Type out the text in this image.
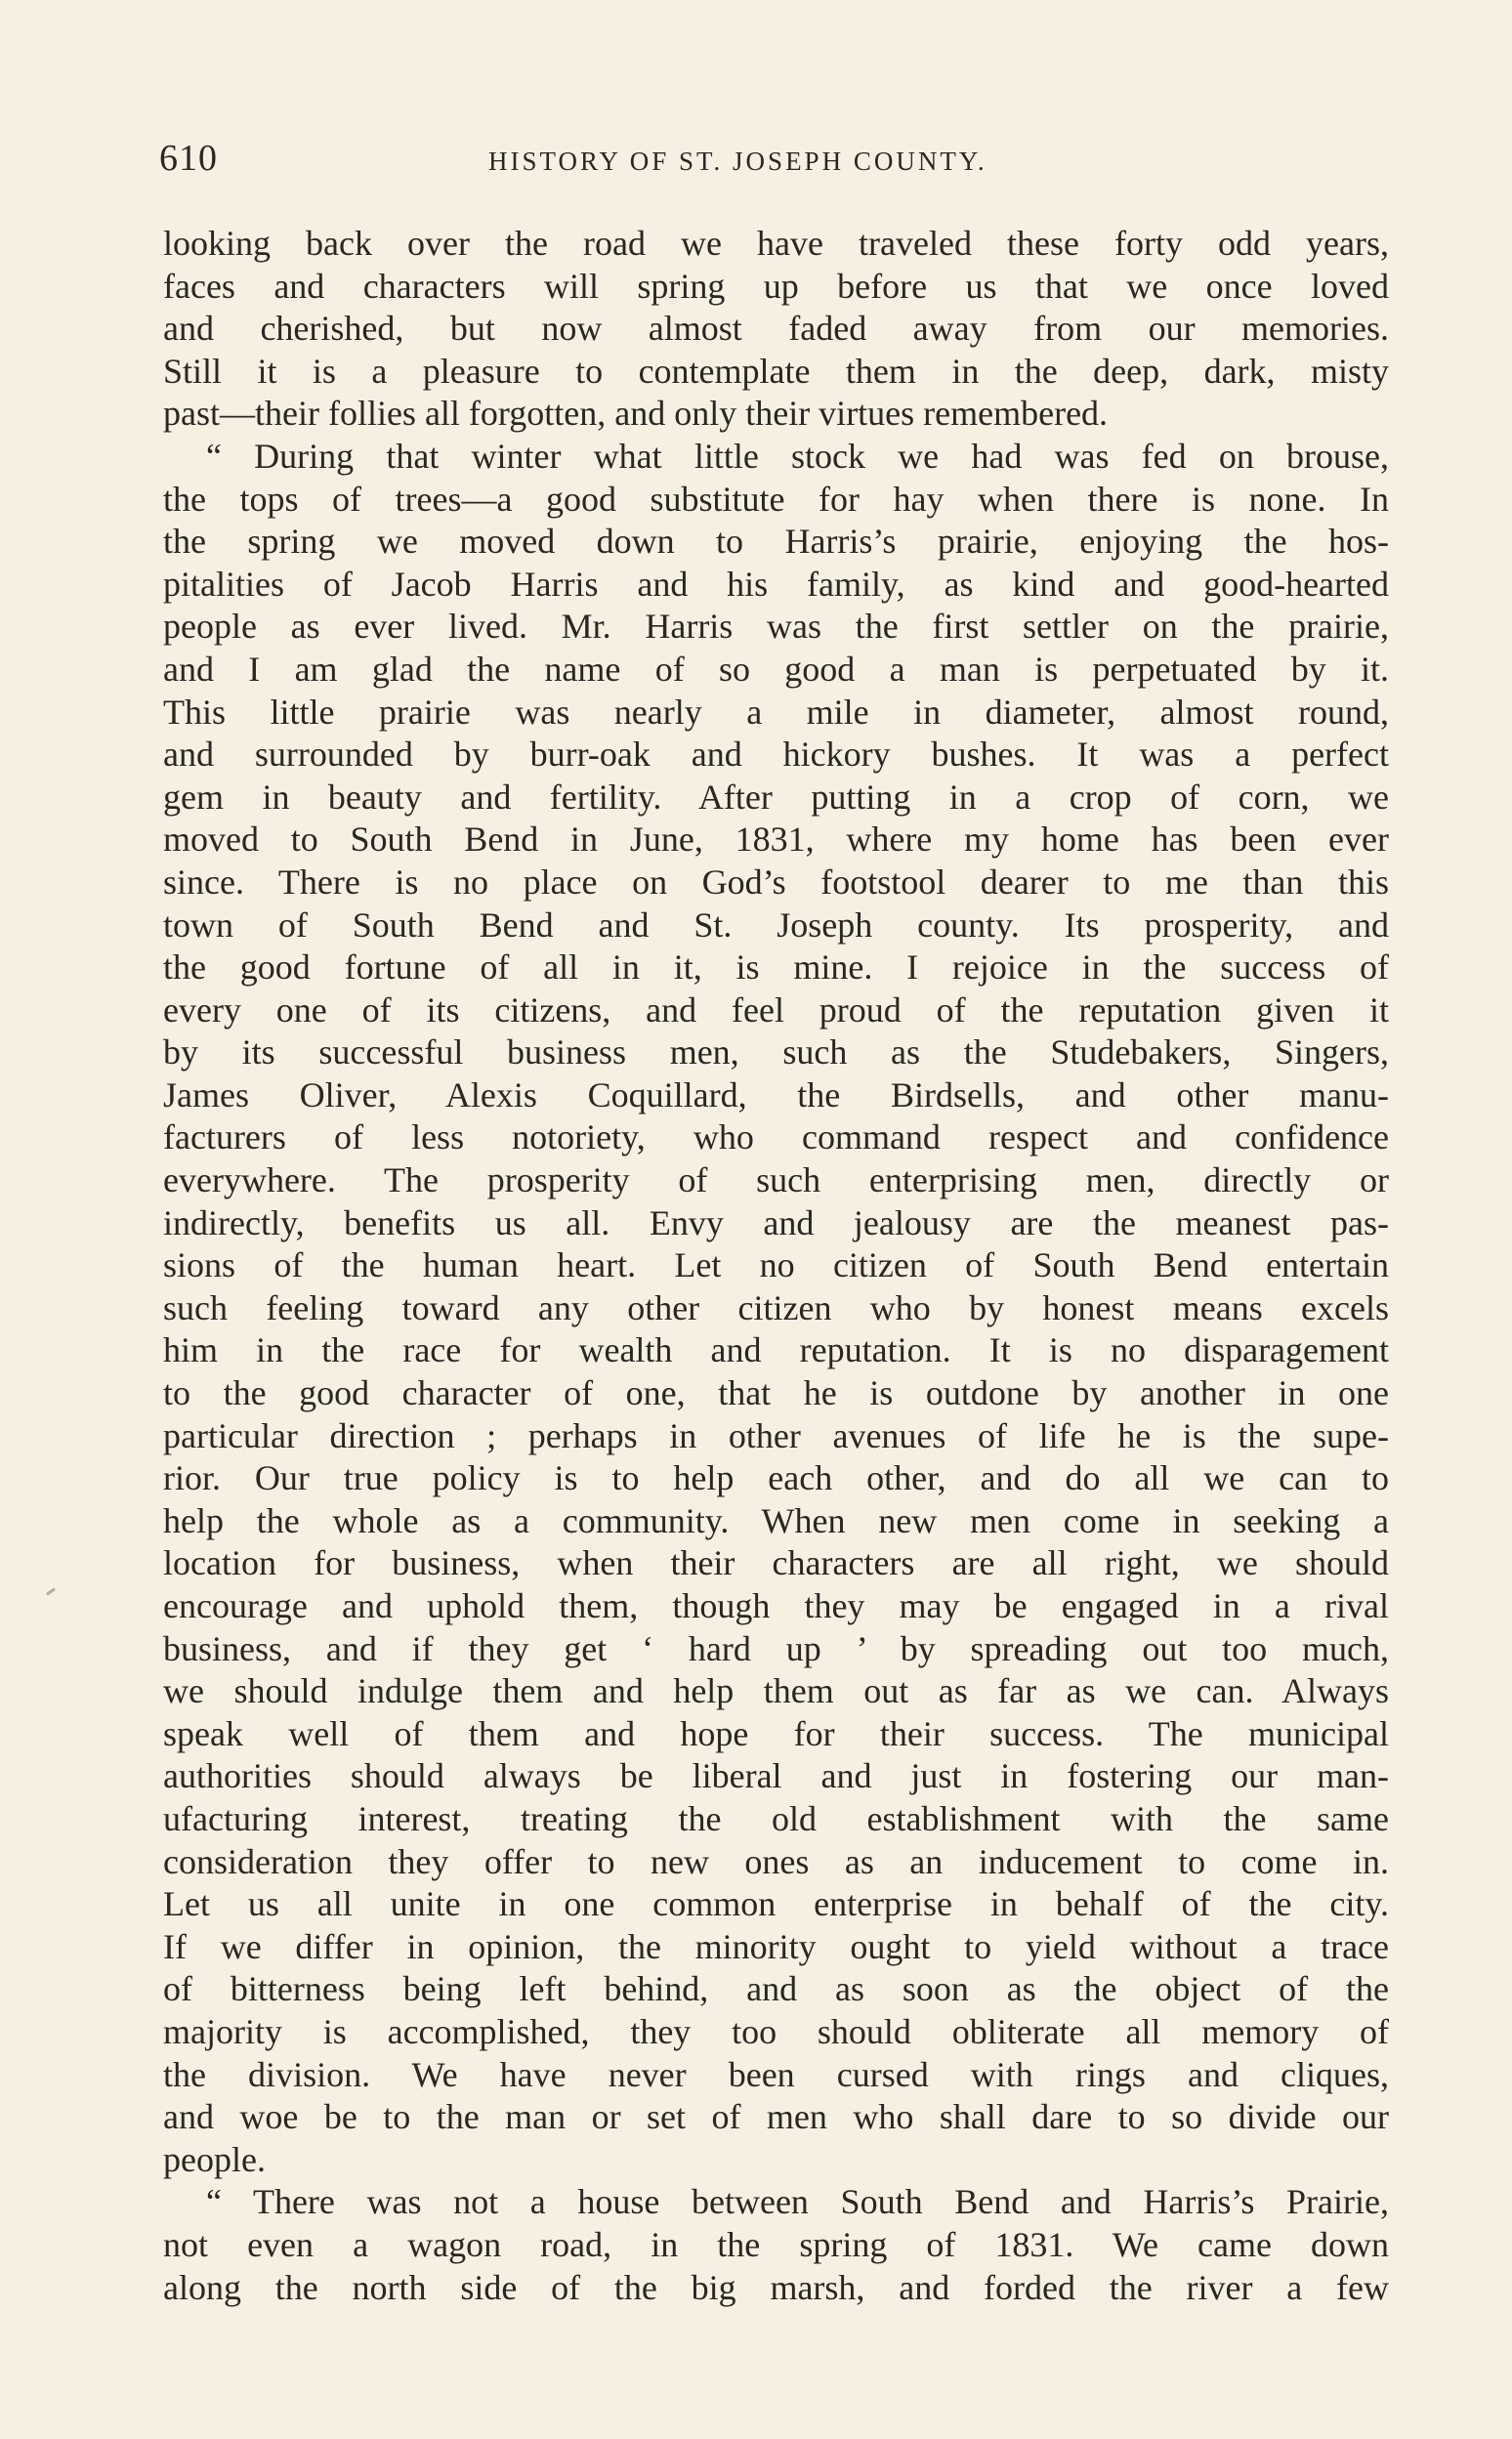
610	HISTORY OF ST. JOSEPH COUNTY.
looking back over the road we have traveled these forty odd years,
faces and characters will spring up before us that we once loved
and cherished, but now almost faded away from our memories.
Still it is a pleasure to contemplate them in the deep, dark, misty
past—their follies all forgotten, and only their virtues remembered.
“ During that winter what little stock we had was fed on brouse,
the tops of trees—a good substitute for hay when there is none. In
the spring we moved down to Harris’s prairie, enjoying the hos-
pitalities of Jacob Harris and his family, as kind and good-hearted
people as ever lived. Mr. Harris was the first settler on the prairie,
and I am glad the name of so good a man is perpetuated by it.
This little prairie was nearly a mile in diameter, almost round,
and surrounded by burr-oak and hickory bushes. It was a perfect
gem in beauty and fertility. After putting in a crop of corn, we
moved to South Bend in June, 1831, where my home has been ever
since. There is no place on God’s footstool dearer to me than this
town of South Bend and St. Joseph county. Its prosperity, and
the good fortune of all in it, is mine. I rejoice in the success of
every one of its citizens, and feel proud of the reputation given it
by its successful business men, such as the Studebakers, Singers,
James Oliver, Alexis Coquillard, the Birdsells, and other manu-
facturers of less notoriety, who command respect and confidence
everywhere. The prosperity of such enterprising men, directly or
indirectly, benefits us all. Envy and jealousy are the meanest pas-
sions of the human heart. Let no citizen of South Bend entertain
such feeling toward any other citizen who by honest means excels
him in the race for wealth and reputation. It is no disparagement
to the good character of one, that he is outdone by another in one
particular direction ; perhaps in other avenues of life he is the supe-
rior. Our true policy is to help each other, and do all we can to
help the whole as a community. When new men come in seeking a
location for business, when their characters are all right, we should
encourage and uphold them, though they may be engaged in a rival
business, and if they get ‘ hard up ’ by spreading out too much,
we should indulge them and help them out as far as we can. Always
speak well of them and hope for their success. The municipal
authorities should always be liberal and just in fostering our man-
ufacturing interest, treating the old establishment with the same
consideration they offer to new ones as an inducement to come in.
Let us all unite in one common enterprise in behalf of the city.
If we differ in opinion, the minority ought to yield without a trace
of bitterness being left behind, and as soon as the object of the
majority is accomplished, they too should obliterate all memory of
the division. We have never been cursed with rings and cliques,
and woe be to the man or set of men who shall dare to so divide our
people.
“ There was not a house between South Bend and Harris’s Prairie,
not even a wagon road, in the spring of 1831. We came down
along the north side of the big marsh, and forded the river a few
